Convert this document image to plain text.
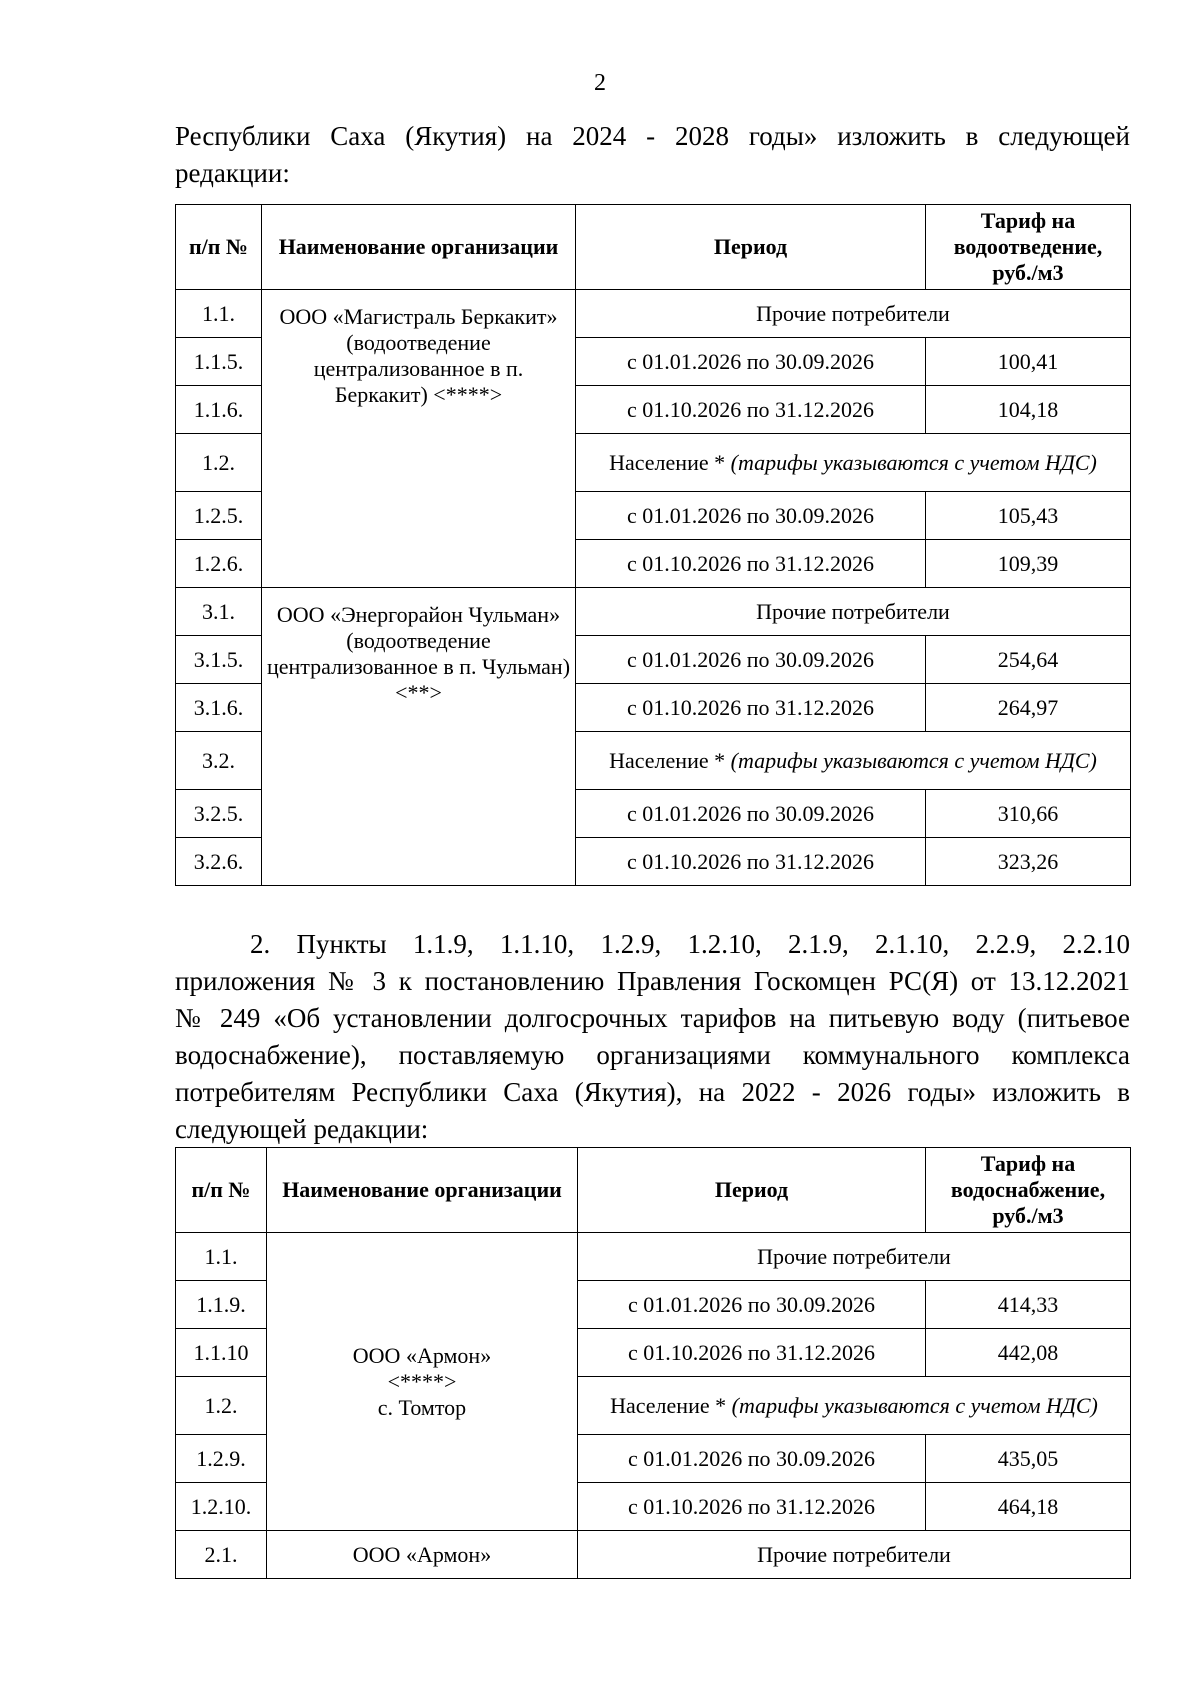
2
Республики Саха (Якутия) на 2024 - 2028 годы» изложить в следующей
редакции:
п/п №	Наименование организации	Период	Тариф на водоотведение, руб./м3
1.1.	ООО «Магистраль Беркакит» (водоотведение централизованное в п. Беркакит) <****>	Прочие потребители	
1.1.5.		с 01.01.2026 по 30.09.2026	100,41
1.1.6.		с 01.10.2026 по 31.12.2026	104,18
1.2.		Население * (тарифы указываются с учетом НДС)	
1.2.5.		с 01.01.2026 по 30.09.2026	105,43
1.2.6.		с 01.10.2026 по 31.12.2026	109,39
3.1.	ООО «Энергорайон Чульман» (водоотведение централизованное в п. Чульман) <**>	Прочие потребители	
3.1.5.		с 01.01.2026 по 30.09.2026	254,64
3.1.6.		с 01.10.2026 по 31.12.2026	264,97
3.2.		Население * (тарифы указываются с учетом НДС)	
3.2.5.		с 01.01.2026 по 30.09.2026	310,66
3.2.6.		с 01.10.2026 по 31.12.2026	323,26
2. Пункты 1.1.9, 1.1.10, 1.2.9, 1.2.10, 2.1.9, 2.1.10, 2.2.9, 2.2.10
приложения № 3 к постановлению Правления Госкомцен РС(Я) от 13.12.2021
№ 249 «Об установлении долгосрочных тарифов на питьевую воду (питьевое
водоснабжение), поставляемую организациями коммунального комплекса
потребителям Республики Саха (Якутия), на 2022 - 2026 годы» изложить в
следующей редакции:
п/п №	Наименование организации	Период	Тариф на водоснабжение, руб./м3
1.1.	ООО «Армон»
<****>
с. Томтор	Прочие потребители	
1.1.9.		с 01.01.2026 по 30.09.2026	414,33
1.1.10		с 01.10.2026 по 31.12.2026	442,08
1.2.		Население * (тарифы указываются с учетом НДС)	
1.2.9.		с 01.01.2026 по 30.09.2026	435,05
1.2.10.		с 01.10.2026 по 31.12.2026	464,18
2.1.	ООО «Армон»	Прочие потребители	
